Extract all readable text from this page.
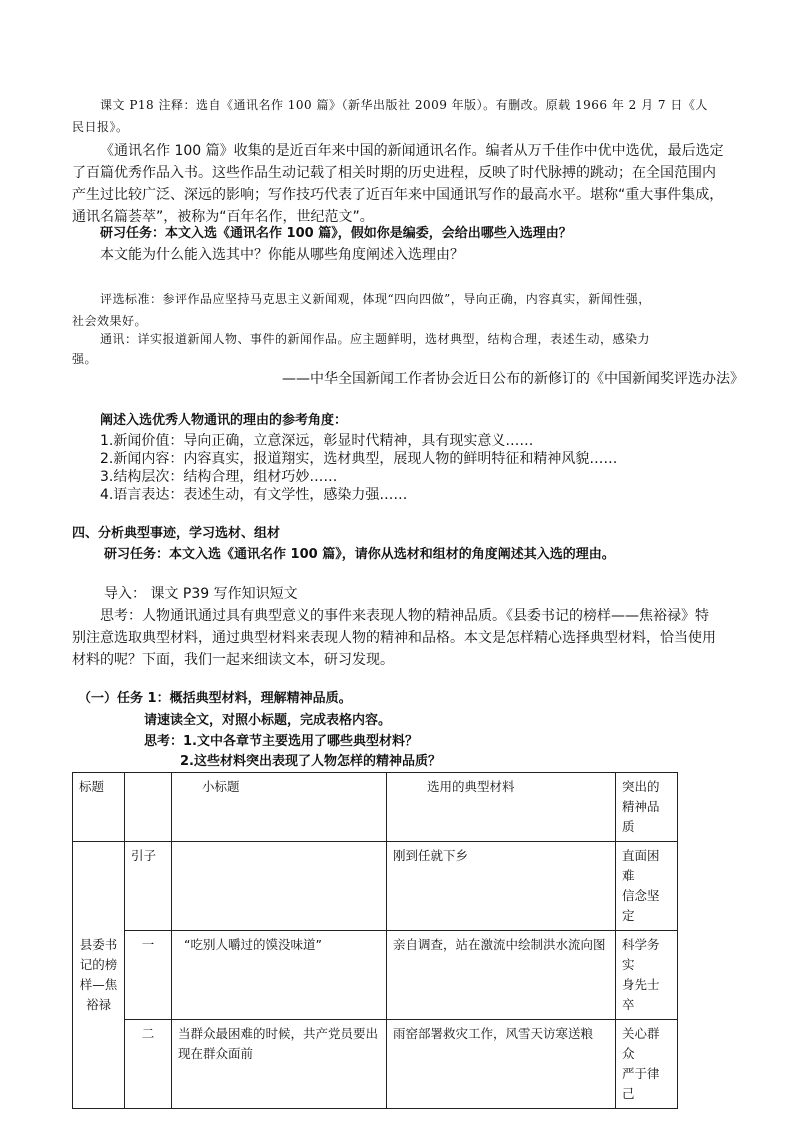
课文 P18 注释：选自《通讯名作 100 篇》（新华出版社 2009 年版）。有删改。原载 1966 年 2 月 7 日《人
民日报》。
《通讯名作 100 篇》收集的是近百年来中国的新闻通讯名作。编者从万千佳作中优中选优，最后选定
了百篇优秀作品入书。这些作品生动记载了相关时期的历史进程，反映了时代脉搏的跳动；在全国范围内
产生过比较广泛、深远的影响；写作技巧代表了近百年来中国通讯写作的最高水平。堪称“重大事件集成，
通讯名篇荟萃”，被称为“百年名作，世纪范文”。
研习任务：本文入选《通讯名作 100 篇》，假如你是编委，会给出哪些入选理由？
本文能为什么能入选其中？你能从哪些角度阐述入选理由？
评选标准：参评作品应坚持马克思主义新闻观，体现“四向四做”，导向正确，内容真实，新闻性强，
社会效果好。
通讯：详实报道新闻人物、事件的新闻作品。应主题鲜明，选材典型，结构合理，表述生动，感染力
强。
——中华全国新闻工作者协会近日公布的新修订的《中国新闻奖评选办法》
阐述入选优秀人物通讯的理由的参考角度：
1.新闻价值：导向正确，立意深远，彰显时代精神，具有现实意义……
2.新闻内容：内容真实，报道翔实，选材典型，展现人物的鲜明特征和精神风貌……
3.结构层次：结构合理，组材巧妙……
4.语言表达：表述生动，有文学性，感染力强……
四、分析典型事迹，学习选材、组材
研习任务：本文入选《通讯名作 100 篇》，请你从选材和组材的角度阐述其入选的理由。
导入： 课文 P39 写作知识短文
思考：人物通讯通过具有典型意义的事件来表现人物的精神品质。《县委书记的榜样——焦裕禄》特
别注意选取典型材料，通过典型材料来表现人物的精神和品格。本文是怎样精心选择典型材料，恰当使用
材料的呢？下面，我们一起来细读文本，研习发现。
（一）任务 1：概括典型材料，理解精神品质。
请速读全文，对照小标题，完成表格内容。
思考：1.文中各章节主要选用了哪些典型材料？
2.这些材料突出表现了人物怎样的精神品质？
标题		小标题	选用的典型材料	突出的精神品质
县委书记的榜样—焦裕禄	引子		刚到任就下乡	直面困难
信念坚定
	一	“吃别人嚼过的馍没味道”	亲自调查，站在激流中绘制洪水流向图	科学务实
身先士卒
	二	当群众最困难的时候，共产党员要出现在群众面前	雨窑部署救灾工作，风雪天访寒送粮	关心群众
严于律己
